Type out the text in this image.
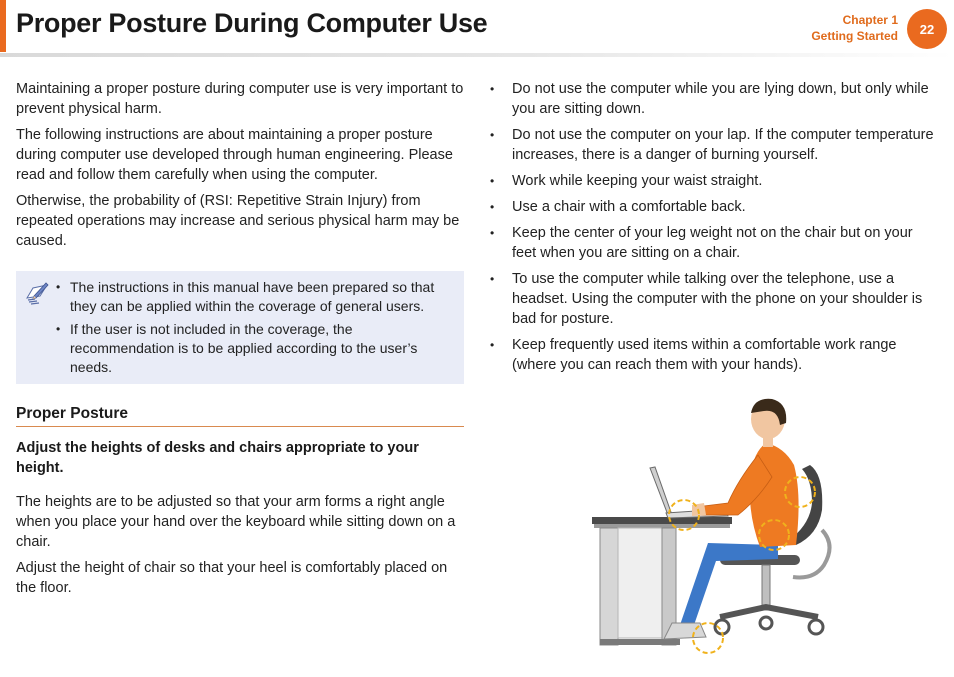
Proper Posture During Computer Use	Chapter 1
Getting Started	22

Maintaining a proper posture during computer use is very important to prevent physical harm.

The following instructions are about maintaining a proper posture during computer use developed through human engineering. Please read and follow them carefully when using the computer.

Otherwise, the probability of (RSI: Repetitive Strain Injury) from repeated operations may increase and serious physical harm may be caused.

• The instructions in this manual have been prepared so that they can be applied within the coverage of general users.
• If the user is not included in the coverage, the recommendation is to be applied according to the user’s needs.
Proper Posture
Adjust the heights of desks and chairs appropriate to your height.

The heights are to be adjusted so that your arm forms a right angle when you place your hand over the keyboard while sitting down on a chair.

Adjust the height of chair so that your heel is comfortably placed on the floor.

• Do not use the computer while you are lying down, but only while you are sitting down.
• Do not use the computer on your lap. If the computer temperature increases, there is a danger of burning yourself.
• Work while keeping your waist straight.
• Use a chair with a comfortable back.
• Keep the center of your leg weight not on the chair but on your feet when you are sitting on a chair.
• To use the computer while talking over the telephone, use a headset. Using the computer with the phone on your shoulder is bad for posture.
• Keep frequently used items within a comfortable work range (where you can reach them with your hands).
